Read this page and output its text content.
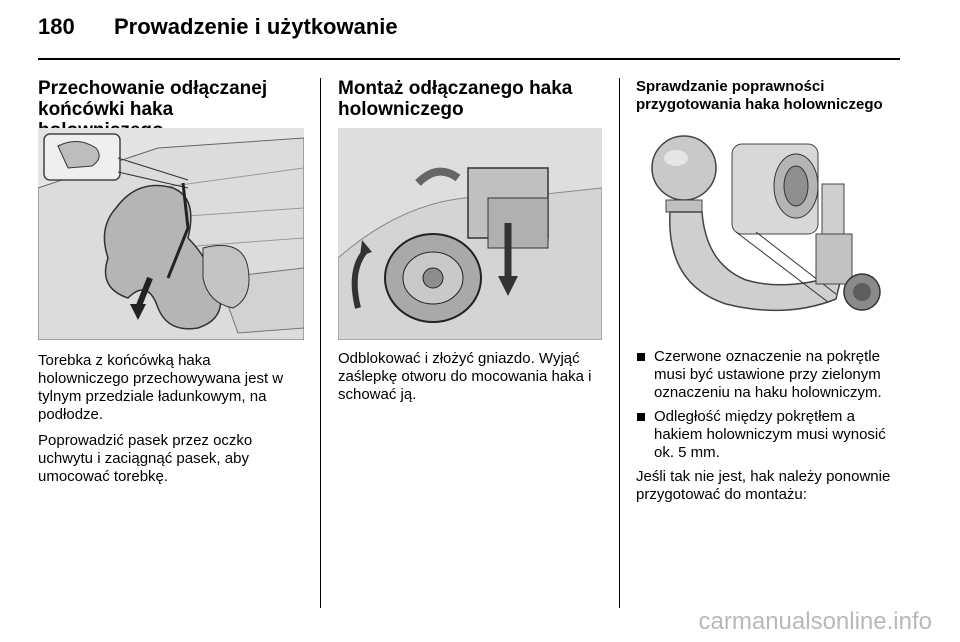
180 Prowadzenie i użytkowanie
Przechowanie odłączanej końcówki haka

Torebka z końcówką haka holowniczego przechowywana jest w tylnym przedziale ładunkowym, na podłodze.

Poprowadzić pasek przez oczko uchwytu i zaciągnąć pasek, aby umocować torebkę.

Montaż odłączanego haka holowniczego

Odblokować i złożyć gniazdo. Wyjąć zaślepkę otworu do mocowania haka i schować ją.

Sprawdzanie poprawności przygotowania haka holowniczego
Czerwone oznaczenie na pokrętle musi być ustawione przy zielonym oznaczeniu na haku holowniczym.
Odległość między pokrętłem a hakiem holowniczym musi wynosić ok. 5 mm.

Jeśli tak nie jest, hak należy ponownie przygotować do montażu:

carmanualsonline.info
